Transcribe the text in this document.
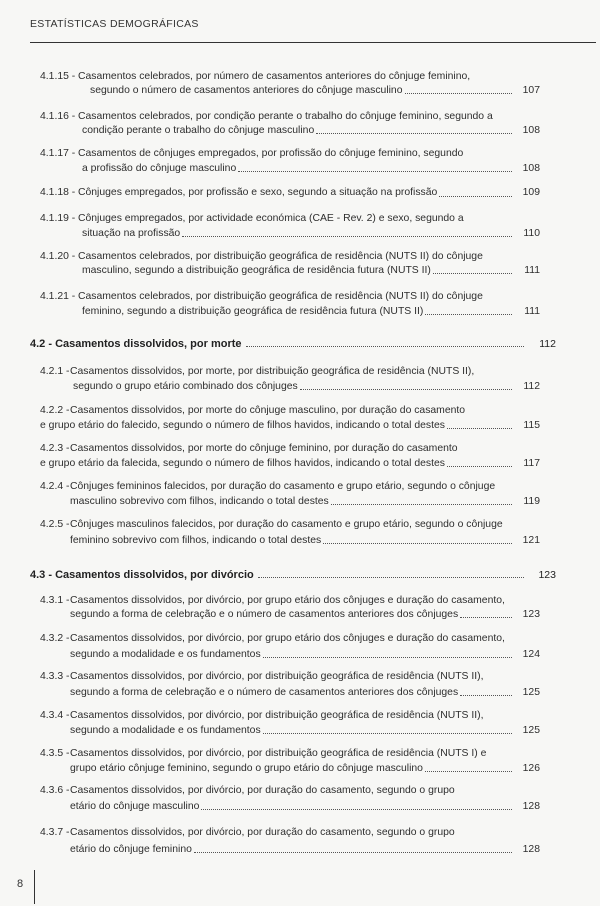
ESTATÍSTICAS DEMOGRÁFICAS
4.1.15 - Casamentos celebrados, por número de casamentos anteriores do cônjuge feminino,
segundo o número de casamentos anteriores do cônjuge masculino	107
4.1.16 - Casamentos celebrados, por condição perante o trabalho do cônjuge feminino, segundo a
condição perante o trabalho do cônjuge masculino	108
4.1.17 - Casamentos de cônjuges empregados, por profissão do cônjuge feminino, segundo
a profissão do cônjuge masculino	108
4.1.18 - Cônjuges empregados, por profissão e sexo, segundo a situação na profissão	109
4.1.19 - Cônjuges empregados, por actividade económica (CAE - Rev. 2) e sexo, segundo a
situação na profissão	110
4.1.20 - Casamentos celebrados, por distribuição geográfica de residência (NUTS II) do cônjuge
masculino, segundo a distribuição geográfica de residência futura (NUTS II)	111
4.1.21 - Casamentos celebrados, por distribuição geográfica de residência (NUTS II) do cônjuge
feminino, segundo a distribuição geográfica de residência futura (NUTS II)	111
4.2 - Casamentos dissolvidos, por morte	112
4.2.1 - Casamentos dissolvidos, por morte, por distribuição geográfica de residência (NUTS II),
segundo o grupo etário combinado dos cônjuges	112
4.2.2 - Casamentos dissolvidos, por morte do cônjuge masculino, por duração do casamento
e grupo etário do falecido, segundo o número de filhos havidos, indicando o total destes	115
4.2.3 - Casamentos dissolvidos, por morte do cônjuge feminino, por duração do casamento
e grupo etário da falecida, segundo o número de filhos havidos, indicando o total destes	117
4.2.4 - Cônjuges femininos falecidos, por duração do casamento e grupo etário, segundo o cônjuge
masculino sobrevivo com filhos, indicando o total destes	119
4.2.5 - Cônjuges masculinos falecidos, por duração do casamento e grupo etário, segundo o cônjuge
feminino sobrevivo com filhos, indicando o total destes	121
4.3 - Casamentos dissolvidos, por divórcio	123
4.3.1 - Casamentos dissolvidos, por divórcio, por grupo etário dos cônjuges e duração do casamento,
segundo a forma de celebração e o número de casamentos anteriores dos cônjuges	123
4.3.2 - Casamentos dissolvidos, por divórcio, por grupo etário dos cônjuges e duração do casamento,
segundo a modalidade e os fundamentos	124
4.3.3 - Casamentos dissolvidos, por divórcio, por distribuição geográfica de residência (NUTS II),
segundo a forma de celebração e o número de casamentos anteriores dos cônjuges	125
4.3.4 - Casamentos dissolvidos, por divórcio, por distribuição geográfica de residência (NUTS II),
segundo a modalidade e os fundamentos	125
4.3.5 - Casamentos dissolvidos, por divórcio, por distribuição geográfica de residência (NUTS I) e
grupo etário cônjuge feminino, segundo o grupo etário do cônjuge masculino	126
4.3.6 - Casamentos dissolvidos, por divórcio, por duração do casamento, segundo o grupo
etário do cônjuge masculino	128
4.3.7 - Casamentos dissolvidos, por divórcio, por duração do casamento, segundo o grupo
etário do cônjuge feminino	128
8
